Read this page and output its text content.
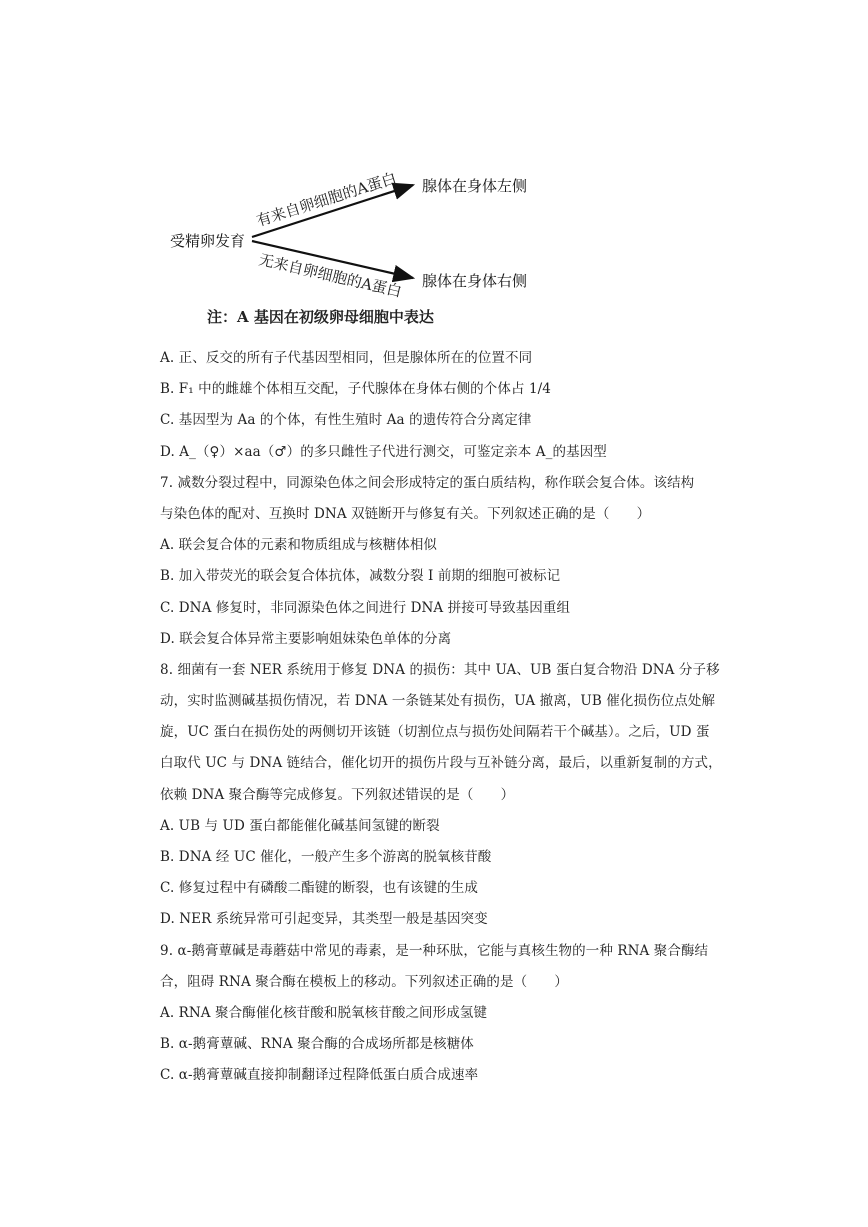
受精卵发育
有来自卵细胞的A蛋白
无来自卵细胞的A蛋白
腺体在身体左侧
腺体在身体右侧
注：A 基因在初级卵母细胞中表达
A. 正、反交的所有子代基因型相同，但是腺体所在的位置不同
B. F₁ 中的雌雄个体相互交配，子代腺体在身体右侧的个体占 1/4
C. 基因型为 Aa 的个体，有性生殖时 Aa 的遗传符合分离定律
D. A_（♀）×aa（♂）的多只雌性子代进行测交，可鉴定亲本 A_的基因型
7. 减数分裂过程中，同源染色体之间会形成特定的蛋白质结构，称作联会复合体。该结构
与染色体的配对、互换时 DNA 双链断开与修复有关。下列叙述正确的是（　　）
A. 联会复合体的元素和物质组成与核糖体相似
B. 加入带荧光的联会复合体抗体，减数分裂 I 前期的细胞可被标记
C. DNA 修复时，非同源染色体之间进行 DNA 拼接可导致基因重组
D. 联会复合体异常主要影响姐妹染色单体的分离
8. 细菌有一套 NER 系统用于修复 DNA 的损伤：其中 UA、UB 蛋白复合物沿 DNA 分子移
动，实时监测碱基损伤情况，若 DNA 一条链某处有损伤，UA 撤离，UB 催化损伤位点处解
旋，UC 蛋白在损伤处的两侧切开该链（切割位点与损伤处间隔若干个碱基）。之后，UD 蛋
白取代 UC 与 DNA 链结合，催化切开的损伤片段与互补链分离，最后，以重新复制的方式，
依赖 DNA 聚合酶等完成修复。下列叙述错误的是（　　）
A. UB 与 UD 蛋白都能催化碱基间氢键的断裂
B. DNA 经 UC 催化，一般产生多个游离的脱氧核苷酸
C. 修复过程中有磷酸二酯键的断裂，也有该键的生成
D. NER 系统异常可引起变异，其类型一般是基因突变
9. α-鹅膏蕈碱是毒蘑菇中常见的毒素，是一种环肽，它能与真核生物的一种 RNA 聚合酶结
合，阻碍 RNA 聚合酶在模板上的移动。下列叙述正确的是（　　）
A. RNA 聚合酶催化核苷酸和脱氧核苷酸之间形成氢键
B. α-鹅膏蕈碱、RNA 聚合酶的合成场所都是核糖体
C. α-鹅膏蕈碱直接抑制翻译过程降低蛋白质合成速率
